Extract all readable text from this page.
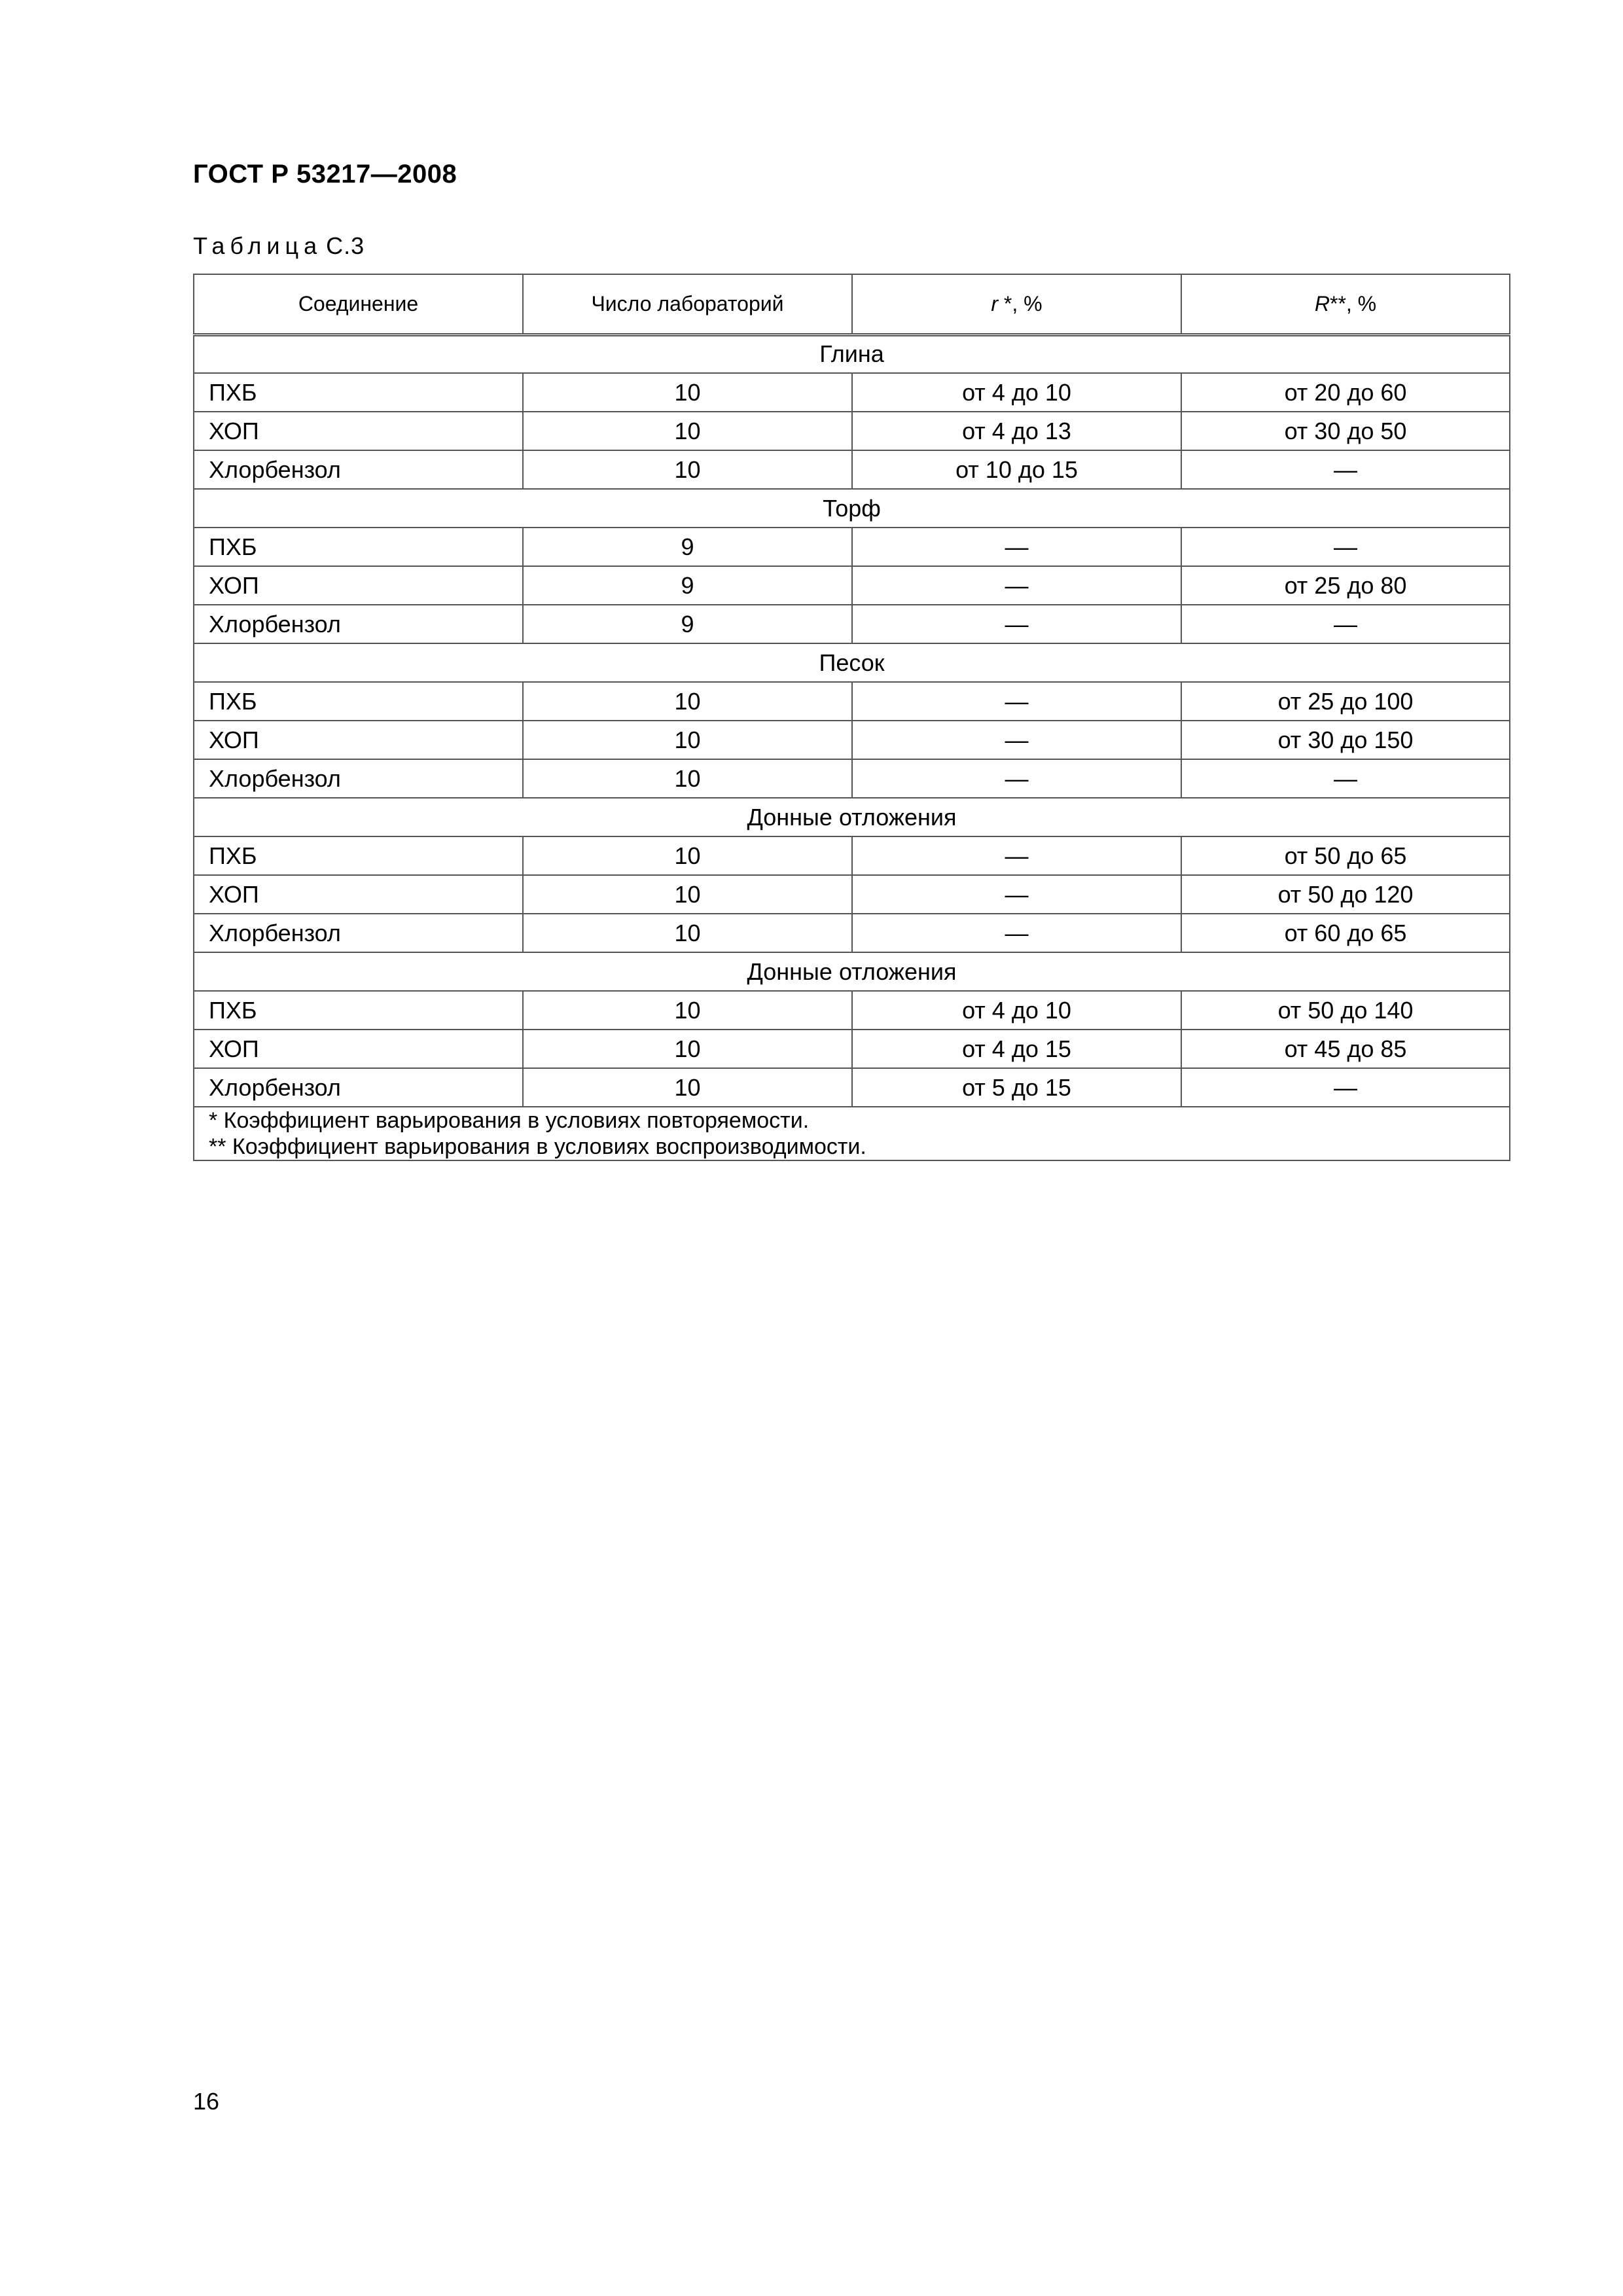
ГОСТ Р 53217—2008
Таблица С.3
Соединение	Число лабораторий	r *, %	R**, %
Глина			
ПХБ	10	от 4 до 10	от 20 до 60
ХОП	10	от 4 до 13	от 30 до 50
Хлорбензол	10	от 10 до 15	—
Торф			
ПХБ	9	—	—
ХОП	9	—	от 25 до 80
Хлорбензол	9	—	—
Песок			
ПХБ	10	—	от 25 до 100
ХОП	10	—	от 30 до 150
Хлорбензол	10	—	—
Донные отложения			
ПХБ	10	—	от 50 до 65
ХОП	10	—	от 50 до 120
Хлорбензол	10	—	от 60 до 65
Донные отложения			
ПХБ	10	от 4 до 10	от 50 до 140
ХОП	10	от 4 до 15	от 45 до 85
Хлорбензол	10	от 5 до 15	—

* Коэффициент варьирования в условиях повторяемости.
** Коэффициент варьирования в условиях воспроизводимости.			
16
